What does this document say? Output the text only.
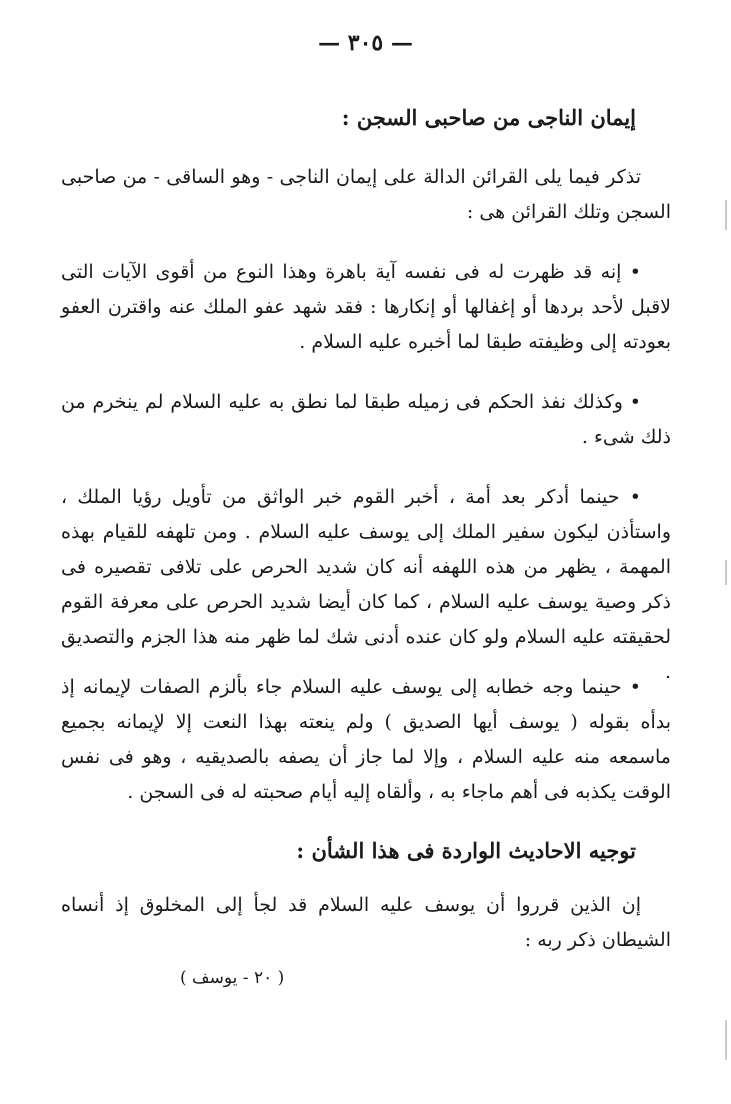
— ٣٠٥ —
إيمان الناجى من صاحبى السجن :
تذكر فيما يلى القرائن الدالة على إيمان الناجى - وهو الساقى - من صاحبى السجن وتلك القرائن هى :
• إنه قد ظهرت له فى نفسه آية باهرة وهذا النوع من أقوى الآيات التى لاقبل لأحد بردها أو إغفالها أو إنكارها : فقد شهد عفو الملك عنه واقترن العفو بعودته إلى وظيفته طبقا لما أخبره عليه السلام .
• وكذلك نفذ الحكم فى زميله طبقا لما نطق به عليه السلام لم ينخرم من ذلك شىء .
• حينما أدكر بعد أمة ، أخبر القوم خبر الواثق من تأويل رؤيا الملك ، واستأذن ليكون سفير الملك إلى يوسف عليه السلام . ومن تلهفه للقيام بهذه المهمة ، يظهر من هذه اللهفه أنه كان شديد الحرص على تلافى تقصيره فى ذكر وصية يوسف عليه السلام ، كما كان أيضا شديد الحرص على معرفة القوم لحقيقته عليه السلام ولو كان عنده أدنى شك لما ظهر منه هذا الجزم والتصديق .
• حينما وجه خطابه إلى يوسف عليه السلام جاء بألزم الصفات لإيمانه إذ بدأه بقوله ( يوسف أيها الصديق ) ولم ينعته بهذا النعت إلا لإيمانه بجميع ماسمعه منه عليه السلام ، وإلا لما جاز أن يصفه بالصديقيه ، وهو فى نفس الوقت يكذبه فى أهم ماجاء به ، وألقاه إليه أيام صحبته له فى السجن .
توجيه الاحاديث الواردة فى هذا الشأن :
إن الذين قرروا أن يوسف عليه السلام قد لجأ إلى المخلوق إذ أنساه الشيطان ذكر ربه :
( ٢٠ - يوسف )
